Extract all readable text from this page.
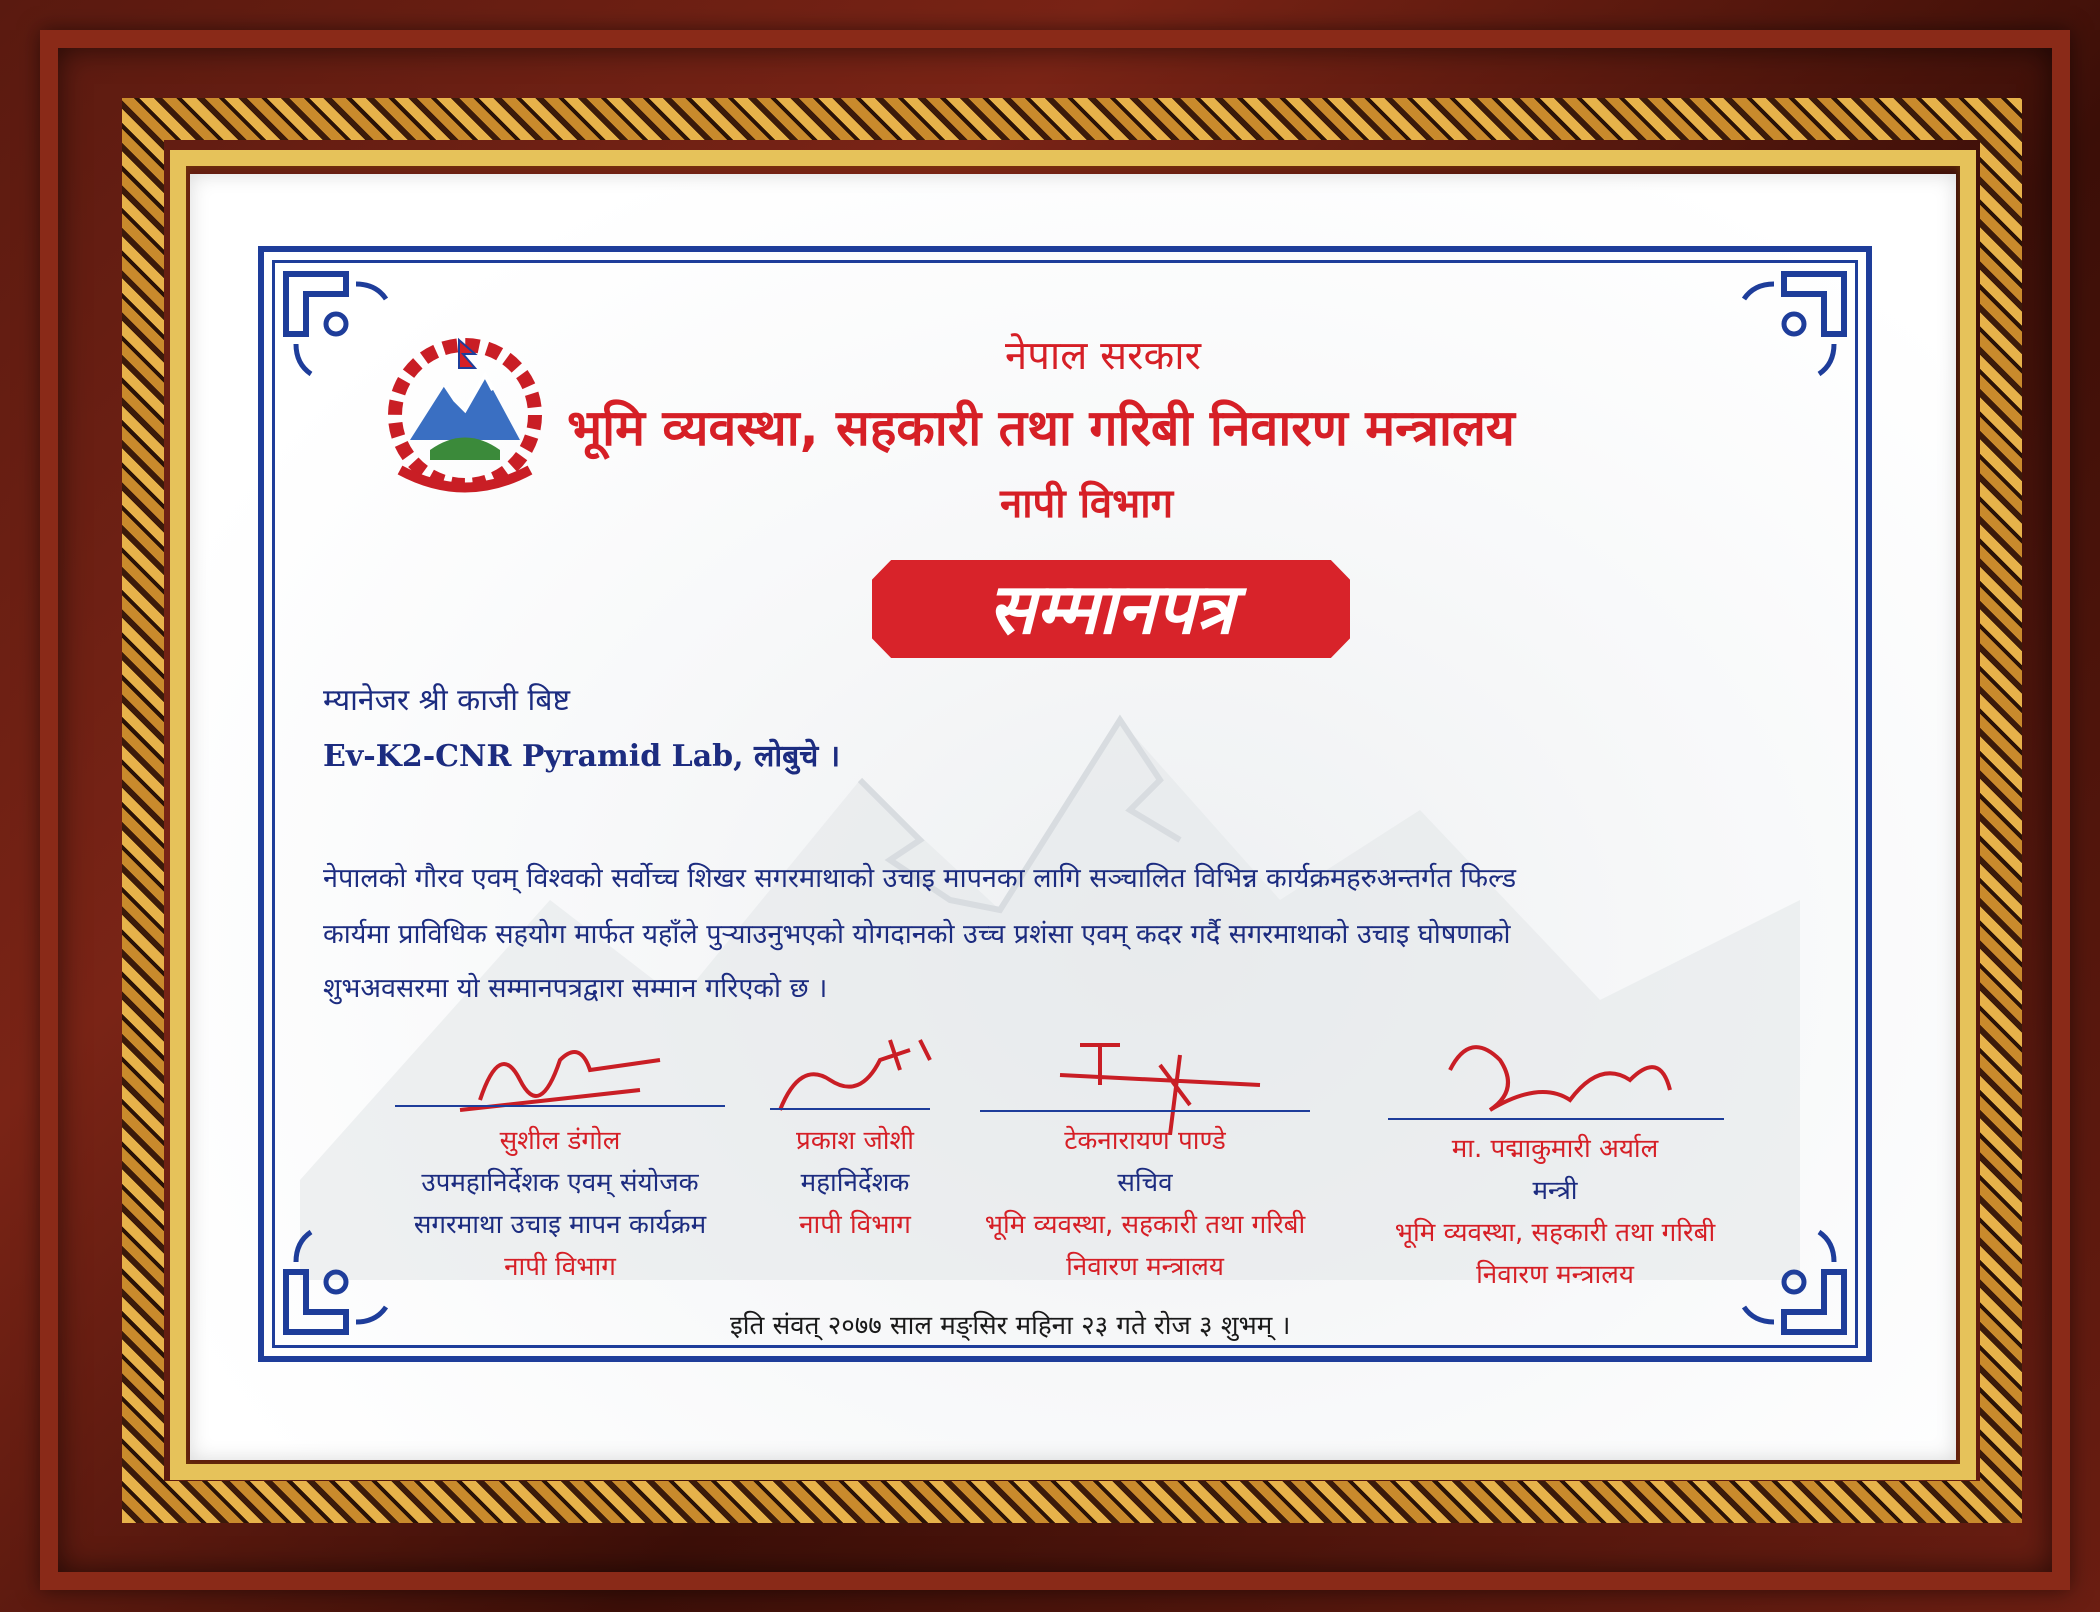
नेपाल सरकार
भूमि व्यवस्था, सहकारी तथा गरिबी निवारण मन्त्रालय
नापी विभाग
सम्मानपत्र
म्यानेजर श्री काजी बिष्ट
Ev-K2-CNR Pyramid Lab, लोबुचे ।
नेपालको गौरव एवम् विश्वको सर्वोच्च शिखर सगरमाथाको उचाइ मापनका लागि सञ्चालित विभिन्न कार्यक्रमहरुअन्तर्गत फिल्ड
कार्यमा प्राविधिक सहयोग मार्फत यहाँले पुऱ्याउनुभएको योगदानको उच्च प्रशंसा एवम् कदर गर्दै सगरमाथाको उचाइ घोषणाको
शुभअवसरमा यो सम्मानपत्रद्वारा सम्मान गरिएको छ ।
सुशील डंगोल
उपमहानिर्देशक एवम् संयोजक
सगरमाथा उचाइ मापन कार्यक्रम
नापी विभाग
प्रकाश जोशी
महानिर्देशक
नापी विभाग
टेकनारायण पाण्डे
सचिव
भूमि व्यवस्था, सहकारी तथा गरिबी
निवारण मन्त्रालय
मा. पद्माकुमारी अर्याल
मन्त्री
भूमि व्यवस्था, सहकारी तथा गरिबी
निवारण मन्त्रालय
इति संवत् २०७७ साल मङ्सिर महिना २३ गते रोज ३ शुभम् ।
